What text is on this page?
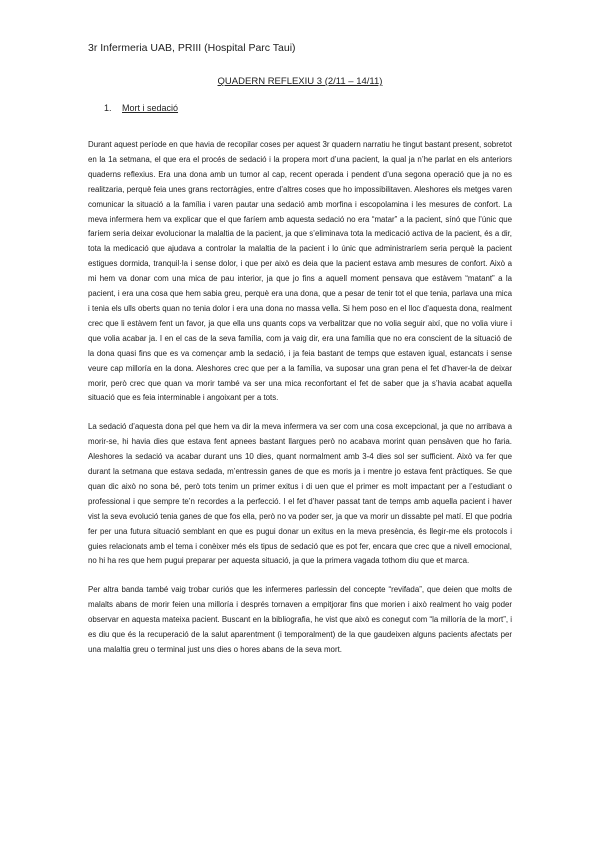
3r Infermeria UAB, PRIII (Hospital Parc Taui)
QUADERN REFLEXIU 3 (2/11 – 14/11)
1. Mort i sedació

Durant aquest període en que havia de recopilar coses per aquest 3r quadern narratiu he tingut bastant present, sobretot en la 1a setmana, el que era el procés de sedació i la propera mort d’una pacient, la qual ja n’he parlat en els anteriors quaderns reflexius. Era una dona amb un tumor al cap, recent operada i pendent d’una segona operació que ja no es realitzaria, perquè feia unes grans rectorràgies, entre d’altres coses que ho impossibilitaven. Aleshores els metges varen comunicar la situació a la família i varen pautar una sedació amb morfina i escopolamina i les mesures de confort. La meva infermera hem va explicar que el que faríem amb aquesta sedació no era “matar” a la pacient, sínó que l’únic que faríem seria deixar evolucionar la malaltia de la pacient, ja que s’eliminava tota la medicació activa de la pacient, és a dir, tota la medicació que ajudava a controlar la malaltia de la pacient i lo únic que administraríem seria perquè la pacient estigues dormida, tranquil·la i sense dolor, i que per això es deia que la pacient estava amb mesures de confort. Això a mi hem va donar com una mica de pau interior, ja que jo fins a aquell moment pensava que estàvem “matant” a la pacient, i era una cosa que hem sabia greu, perquè era una dona, que a pesar de tenir tot el que tenia, parlava una mica i tenia els ulls oberts quan no tenia dolor i era una dona no massa vella. Si hem poso en el lloc d’aquesta dona, realment crec que li estàvem fent un favor, ja que ella uns quants cops va verbalitzar que no volia seguir així, que no volia viure i que volia acabar ja. I en el cas de la seva família, com ja vaig dir, era una família que no era conscient de la situació de la dona quasi fins que es va començar amb la sedació, i ja feia bastant de temps que estaven igual, estancats i sense veure cap milloría en la dona. Aleshores crec que per a la família, va suposar una gran pena el fet d’haver-la de deixar morir, però crec que quan va morir també va ser una mica reconfortant el fet de saber que ja s’havia acabat aquella situació que es feia interminable i angoixant per a tots.

La sedació d’aquesta dona pel que hem va dir la meva infermera va ser com una cosa excepcional, ja que no arribava a morir-se, hi havia dies que estava fent apnees bastant llargues però no acabava morint quan pensàven que ho faria. Aleshores la sedació va acabar durant uns 10 dies, quant normalment amb 3-4 dies sol ser sufficient. Això va fer que durant la setmana que estava sedada, m’entressin ganes de que es moris ja i mentre jo estava fent pràctiques. Se que quan dic això no sona bé, però tots tenim un primer exitus i di uen que el primer es molt impactant per a l’estudiant o professional i que sempre te’n recordes a la perfecció. I el fet d’haver passat tant de temps amb aquella pacient i haver vist la seva evolució tenia ganes de que fos ella, però no va poder ser, ja que va morir un dissabte pel matí. El que podria fer per una futura situació semblant en que es pugui donar un exitus en la meva presència, és llegir-me els protocols i guies relacionats amb el tema i conèixer més els tipus de sedació que es pot fer, encara que crec que a nivell emocional, no hi ha res que hem pugui preparar per aquesta situació, ja que la primera vagada tothom diu que et marca.

Per altra banda també vaig trobar curiós que les infermeres parlessin del concepte “revifada”, que deien que molts de malalts abans de morir feien una milloría i després tornaven a empitjorar fins que morien i això realment ho vaig poder observar en aquesta mateixa pacient. Buscant en la bibliografia, he vist que això es conegut com “la milloría de la mort”, i es diu que és la recuperació de la salut aparentment (i temporalment) de la que gaudeixen alguns pacients afectats per una malaltia greu o terminal just uns dies o hores abans de la seva mort.
